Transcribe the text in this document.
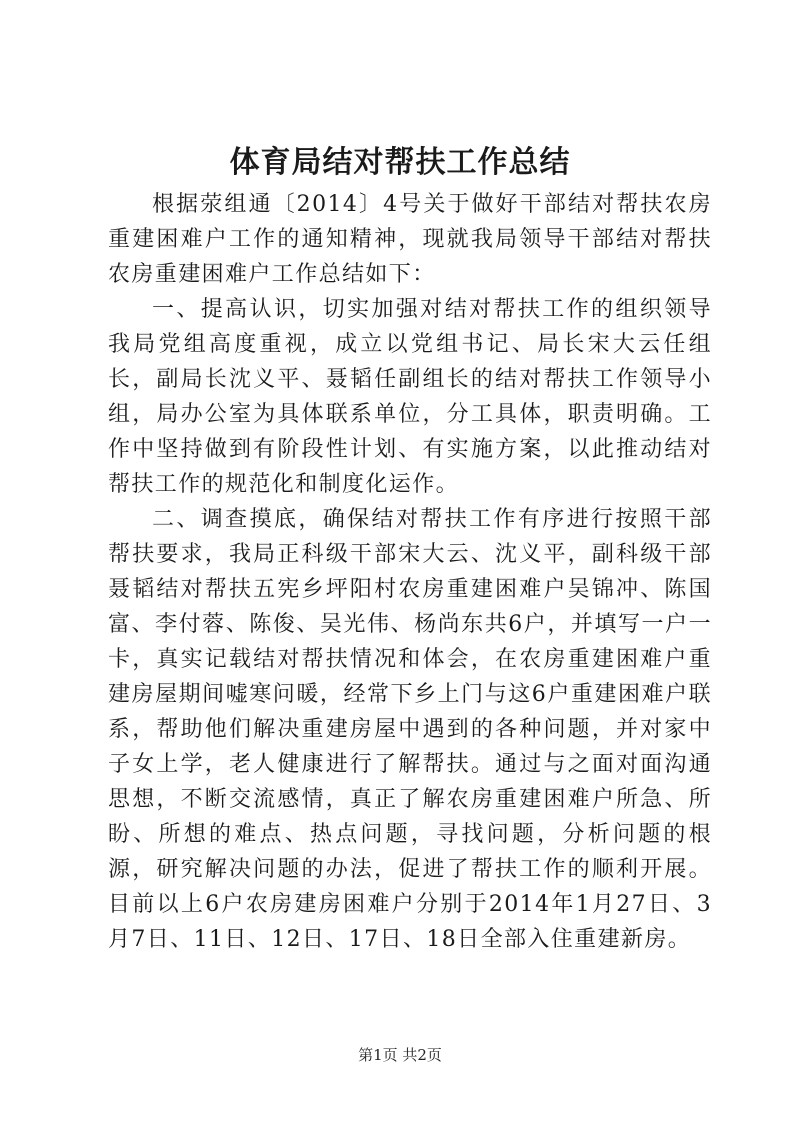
体育局结对帮扶工作总结

根据荥组通〔2014〕4号关于做好干部结对帮扶农房重建困难户工作的通知精神，现就我局领导干部结对帮扶农房重建困难户工作总结如下：

一、提高认识，切实加强对结对帮扶工作的组织领导我局党组高度重视，成立以党组书记、局长宋大云任组长，副局长沈义平、聂韬任副组长的结对帮扶工作领导小组，局办公室为具体联系单位，分工具体，职责明确。工作中坚持做到有阶段性计划、有实施方案，以此推动结对帮扶工作的规范化和制度化运作。

二、调查摸底，确保结对帮扶工作有序进行按照干部帮扶要求，我局正科级干部宋大云、沈义平，副科级干部聂韬结对帮扶五宪乡坪阳村农房重建困难户吴锦冲、陈国富、李付蓉、陈俊、吴光伟、杨尚东共6户，并填写一户一卡，真实记载结对帮扶情况和体会，在农房重建困难户重建房屋期间嘘寒问暖，经常下乡上门与这6户重建困难户联系，帮助他们解决重建房屋中遇到的各种问题，并对家中子女上学，老人健康进行了解帮扶。通过与之面对面沟通思想，不断交流感情，真正了解农房重建困难户所急、所盼、所想的难点、热点问题，寻找问题，分析问题的根源，研究解决问题的办法，促进了帮扶工作的顺利开展。目前以上6户农房建房困难户分别于2014年1月27日、3月7日、11日、12日、17日、18日全部入住重建新房。

第1页 共2页
